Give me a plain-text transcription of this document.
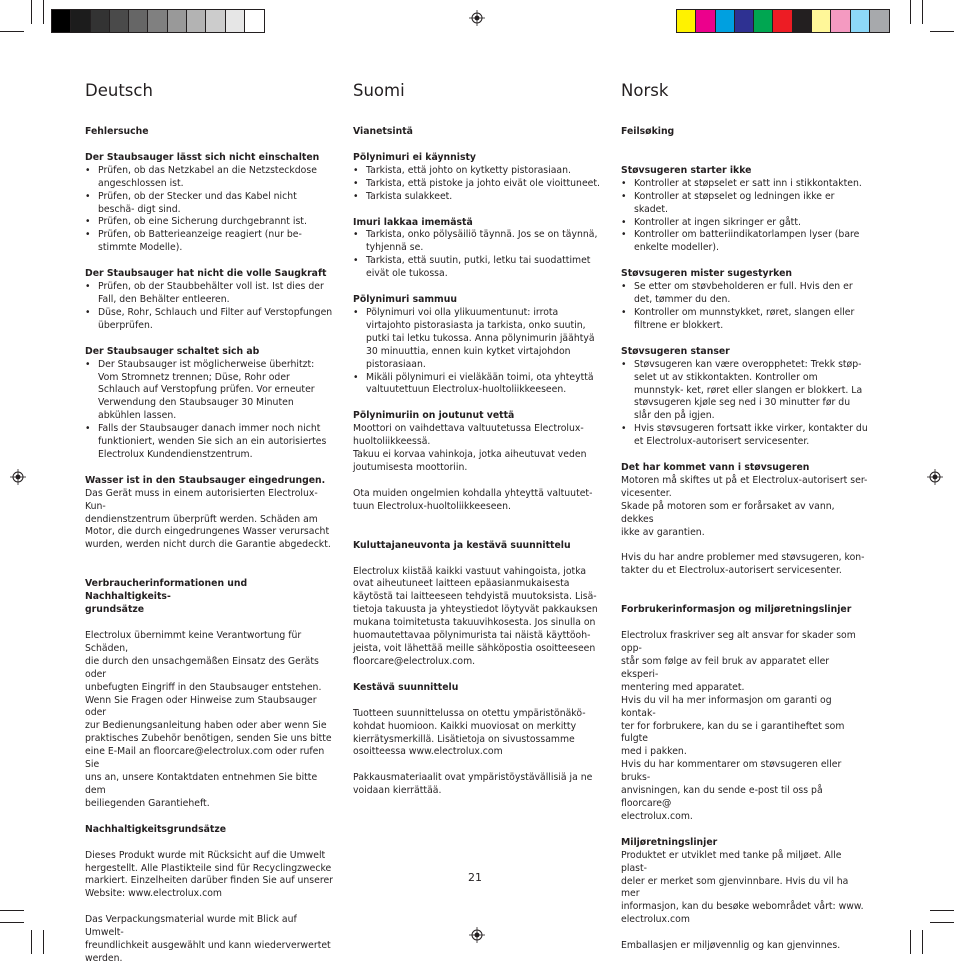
Deutsch
Fehlersuche
Der Staubsauger lässt sich nicht einschalten
• Prüfen, ob das Netzkabel an die Netzsteckdose angeschlossen ist.
• Prüfen, ob der Stecker und das Kabel nicht beschä- digt sind.
• Prüfen, ob eine Sicherung durchgebrannt ist.
• Prüfen, ob Batterieanzeige reagiert (nur be- stimmte Modelle).
Der Staubsauger hat nicht die volle Saugkraft
• Prüfen, ob der Staubbehälter voll ist. Ist dies der Fall, den Behälter entleeren.
• Düse, Rohr, Schlauch und Filter auf Verstopfungen überprüfen.
Der Staubsauger schaltet sich ab
• Der Staubsauger ist möglicherweise überhitzt: Vom Stromnetz trennen; Düse, Rohr oder Schlauch auf Verstopfung prüfen. Vor erneuter Verwendung den Staubsauger 30 Minuten abkühlen lassen.
• Falls der Staubsauger danach immer noch nicht funktioniert, wenden Sie sich an ein autorisiertes Electrolux Kundendienstzentrum.
Wasser ist in den Staubsauger eingedrungen.

Das Gerät muss in einem autorisierten Electrolux-Kun-
dendienstzentrum überprüft werden. Schäden am
Motor, die durch eingedrungenes Wasser verursacht
wurden, werden nicht durch die Garantie abgedeckt.

Verbraucherinformationen und Nachhaltigkeits-
grundsätze

Electrolux übernimmt keine Verantwortung für Schäden,
die durch den unsachgemäßen Einsatz des Geräts oder
unbefugten Eingriff in den Staubsauger entstehen.
Wenn Sie Fragen oder Hinweise zum Staubsauger oder
zur Bedienungsanleitung haben oder aber wenn Sie
praktisches Zubehör benötigen, senden Sie uns bitte
eine E-Mail an floorcare@electrolux.com oder rufen Sie
uns an, unsere Kontaktdaten entnehmen Sie bitte dem
beiliegenden Garantieheft.

Nachhaltigkeitsgrundsätze

Dieses Produkt wurde mit Rücksicht auf die Umwelt
hergestellt. Alle Plastikteile sind für Recyclingzwecke
markiert. Einzelheiten darüber finden Sie auf unserer
Website: www.electrolux.com

Das Verpackungsmaterial wurde mit Blick auf Umwelt-
freundlichkeit ausgewählt und kann wiederverwertet
werden.

Suomi
Vianetsintä
Pölynimuri ei käynnisty
• Tarkista, että johto on kytketty pistorasiaan.
• Tarkista, että pistoke ja johto eivät ole vioittuneet.
• Tarkista sulakkeet.
Imuri lakkaa imemästä
• Tarkista, onko pölysäiliö täynnä. Jos se on täynnä, tyhjennä se.
• Tarkista, että suutin, putki, letku tai suodattimet eivät ole tukossa.
Pölynimuri sammuu
• Pölynimuri voi olla ylikuumentunut: irrota virtajohto pistorasiasta ja tarkista, onko suutin, putki tai letku tukossa. Anna pölynimurin jäähtyä 30 minuuttia, ennen kuin kytket virtajohdon pistorasiaan.
• Mikäli pölynimuri ei vieläkään toimi, ota yhteyttä valtuutettuun Electrolux-huoltoliikkeeseen.
Pölynimuriin on joutunut vettä

Moottori on vaihdettava valtuutetussa Electrolux-
huoltoliikkeessä.
Takuu ei korvaa vahinkoja, jotka aiheutuvat veden
joutumisesta moottoriin.

Ota muiden ongelmien kohdalla yhteyttä valtuutet-
tuun Electrolux-huoltoliikkeeseen.

Kuluttajaneuvonta ja kestävä suunnittelu

Electrolux kiistää kaikki vastuut vahingoista, jotka
ovat aiheutuneet laitteen epäasianmukaisesta
käytöstä tai laitteeseen tehdyistä muutoksista. Lisä-
tietoja takuusta ja yhteystiedot löytyvät pakkauksen
mukana toimitetusta takuuvihkosesta. Jos sinulla on
huomautettavaa pölynimurista tai näistä käyttöoh-
jeista, voit lähettää meille sähköpostia osoitteeseen
floorcare@electrolux.com.

Kestävä suunnittelu

Tuotteen suunnittelussa on otettu ympäristönäkö-
kohdat huomioon. Kaikki muoviosat on merkitty
kierrätysmerkillä. Lisätietoja on sivustossamme
osoitteessa www.electrolux.com

Pakkausmateriaalit ovat ympäristöystävällisiä ja ne
voidaan kierrättää.

Norsk
Feilsøking
Støvsugeren starter ikke
• Kontroller at støpselet er satt inn i stikkontakten.
• Kontroller at støpselet og ledningen ikke er skadet.
• Kontroller at ingen sikringer er gått.
• Kontroller om batteriindikatorlampen lyser (bare enkelte modeller).
Støvsugeren mister sugestyrken
• Se etter om støvbeholderen er full. Hvis den er det, tømmer du den.
• Kontroller om munnstykket, røret, slangen eller filtrene er blokkert.
Støvsugeren stanser
• Støvsugeren kan være overopphetet: Trekk støp- selet ut av stikkontakten. Kontroller om munnstyk- ket, røret eller slangen er blokkert. La støvsugeren kjøle seg ned i 30 minutter før du slår den på igjen.
• Hvis støvsugeren fortsatt ikke virker, kontakter du et Electrolux-autorisert servicesenter.
Det har kommet vann i støvsugeren

Motoren må skiftes ut på et Electrolux-autorisert ser-
vicesenter.
Skade på motoren som er forårsaket av vann, dekkes
ikke av garantien.

Hvis du har andre problemer med støvsugeren, kon-
takter du et Electrolux-autorisert servicesenter.

Forbrukerinformasjon og miljøretningslinjer

Electrolux fraskriver seg alt ansvar for skader som opp-
står som følge av feil bruk av apparatet eller eksperi-
mentering med apparatet.
Hvis du vil ha mer informasjon om garanti og kontak-
ter for forbrukere, kan du se i garantiheftet som fulgte
med i pakken.
Hvis du har kommentarer om støvsugeren eller bruks-
anvisningen, kan du sende e-post til oss på floorcare@
electrolux.com.

Miljøretningslinjer

Produktet er utviklet med tanke på miljøet. Alle plast-
deler er merket som gjenvinnbare. Hvis du vil ha mer
informasjon, kan du besøke webområdet vårt: www.
electrolux.com

Emballasjen er miljøvennlig og kan gjenvinnes.

21
